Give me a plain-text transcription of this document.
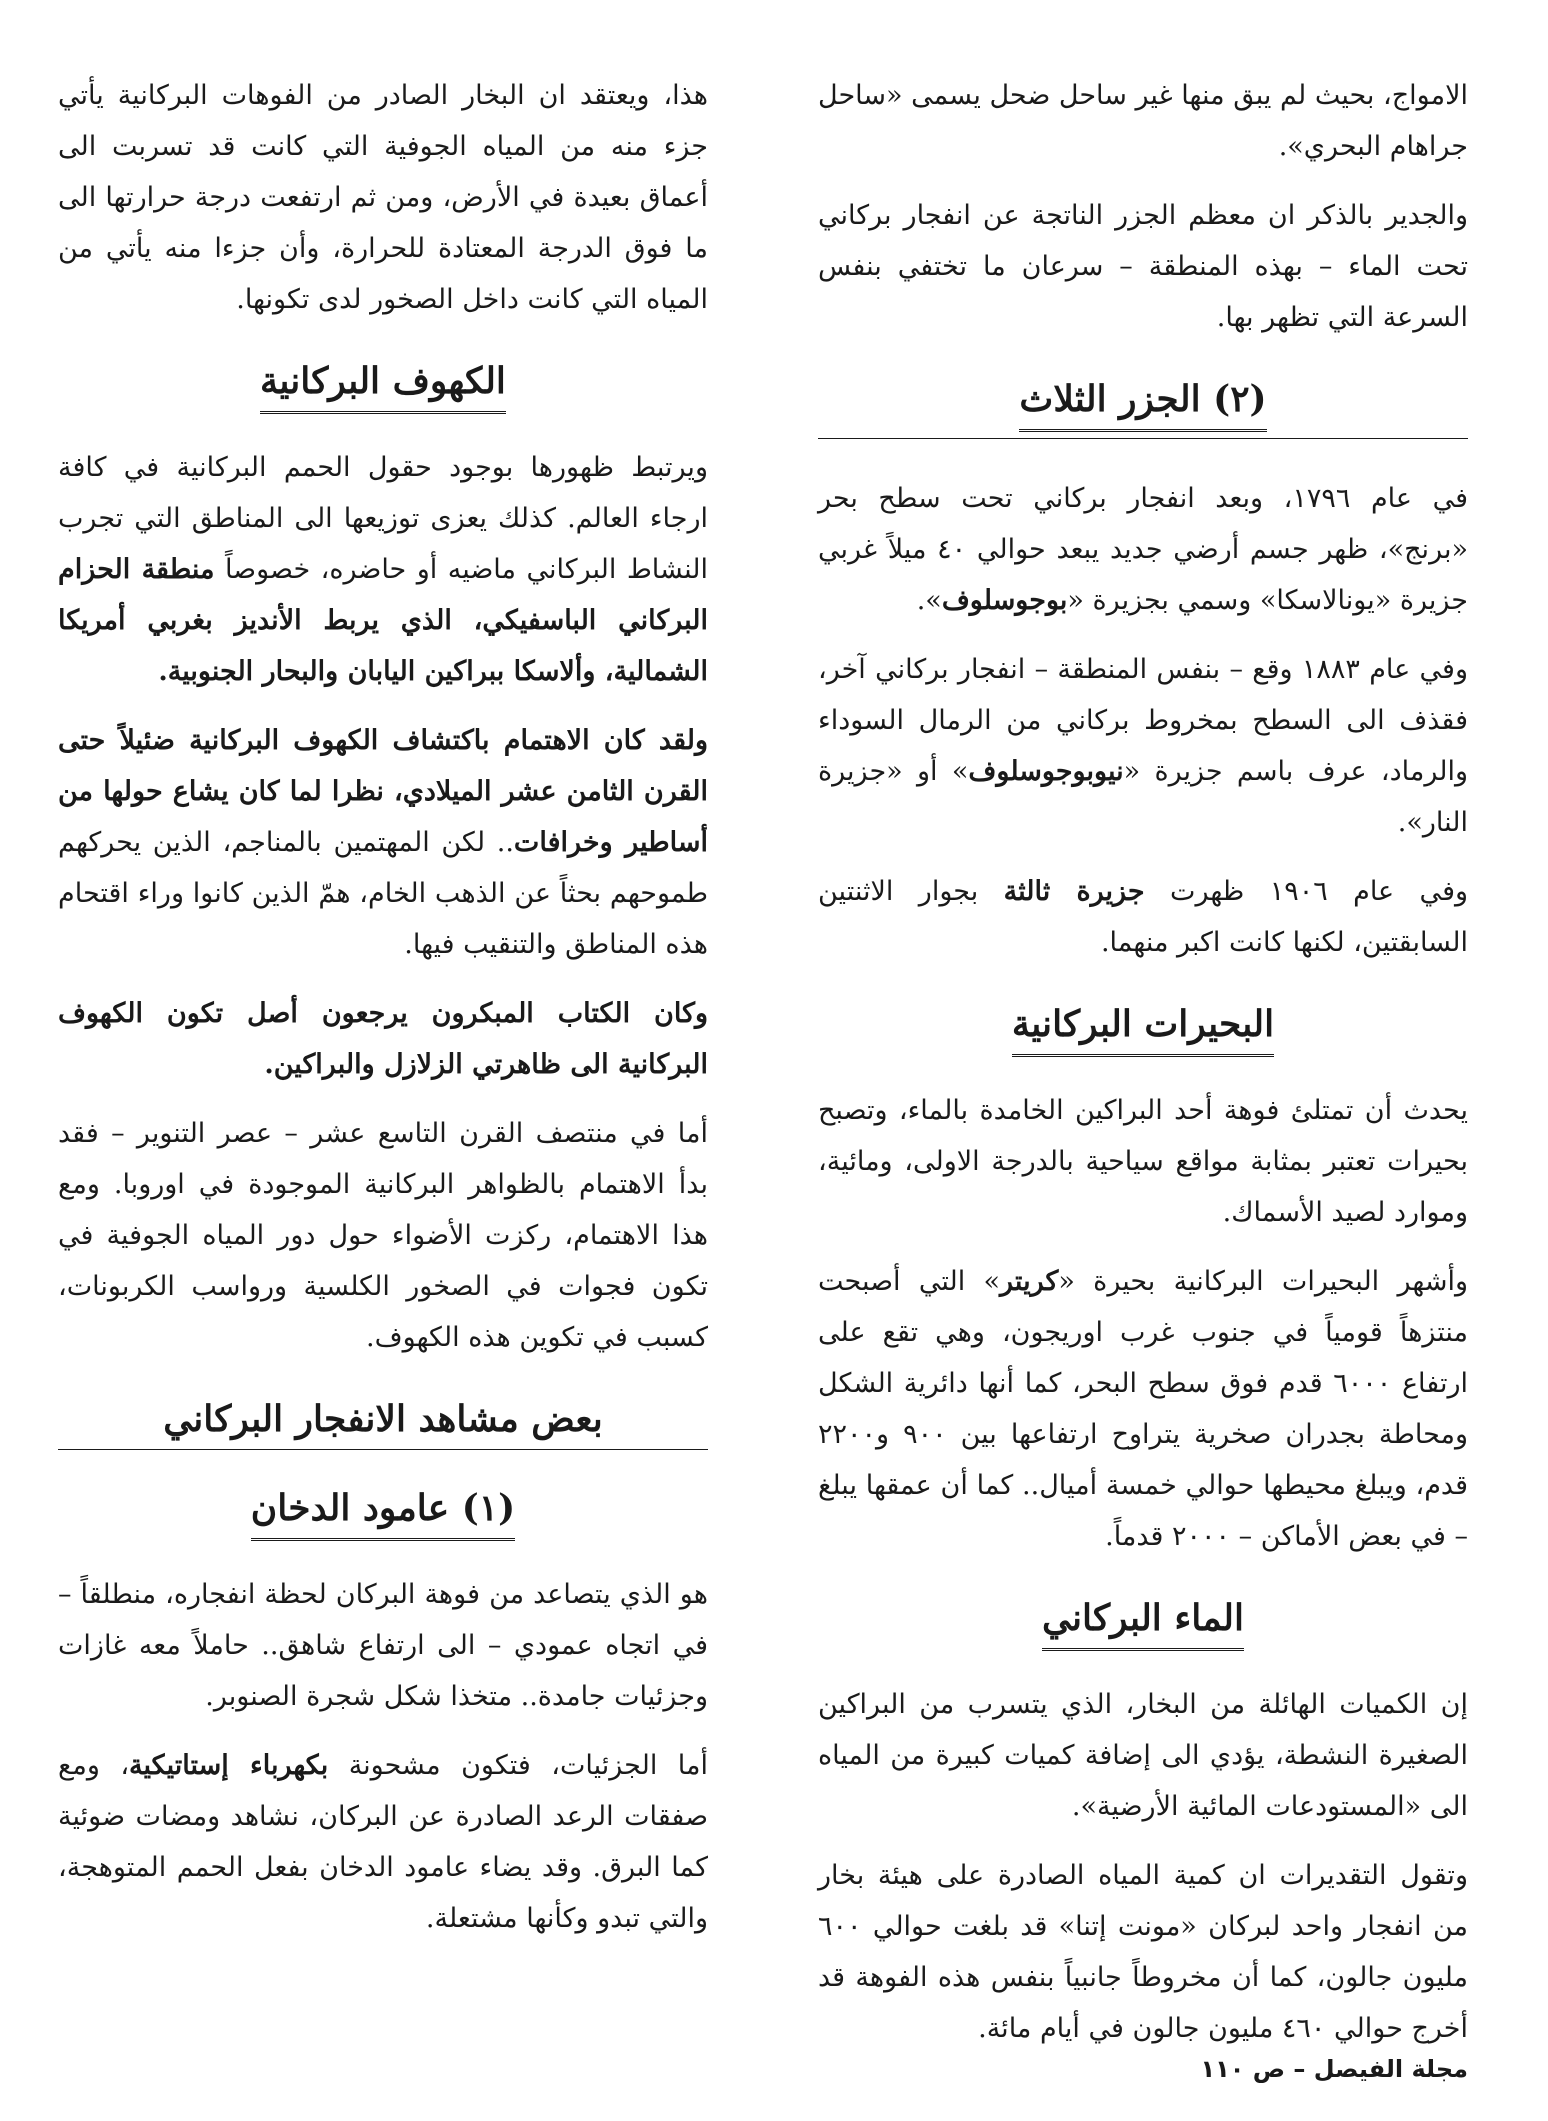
الامواج، بحيث لم يبق منها غير ساحل ضحل يسمى «ساحل جراهام البحري».

والجدير بالذكر ان معظم الجزر الناتجة عن انفجار بركاني تحت الماء – بهذه المنطقة – سرعان ما تختفي بنفس السرعة التي تظهر بها.

(٢) الجزر الثلاث

في عام ١٧٩٦، وبعد انفجار بركاني تحت سطح بحر «برنج»، ظهر جسم أرضي جديد يبعد حوالي ٤٠ ميلاً غربي جزيرة «يونالاسكا» وسمي بجزيرة «بوجوسلوف».

وفي عام ١٨٨٣ وقع – بنفس المنطقة – انفجار بركاني آخر، فقذف الى السطح بمخروط بركاني من الرمال السوداء والرماد، عرف باسم جزيرة «نيوبوجوسلوف» أو «جزيرة النار».

وفي عام ١٩٠٦ ظهرت جزيرة ثالثة بجوار الاثنتين السابقتين، لكنها كانت اكبر منهما.

البحيرات البركانية

يحدث أن تمتلئ فوهة أحد البراكين الخامدة بالماء، وتصبح بحيرات تعتبر بمثابة مواقع سياحية بالدرجة الاولى، ومائية، وموارد لصيد الأسماك.

وأشهر البحيرات البركانية بحيرة «كريتر» التي أصبحت منتزهاً قومياً في جنوب غرب اوريجون، وهي تقع على ارتفاع ٦٠٠٠ قدم فوق سطح البحر، كما أنها دائرية الشكل ومحاطة بجدران صخرية يتراوح ارتفاعها بين ٩٠٠ و٢٢٠٠ قدم، ويبلغ محيطها حوالي خمسة أميال.. كما أن عمقها يبلغ – في بعض الأماكن – ٢٠٠٠ قدماً.

الماء البركاني

إن الكميات الهائلة من البخار، الذي يتسرب من البراكين الصغيرة النشطة، يؤدي الى إضافة كميات كبيرة من المياه الى «المستودعات المائية الأرضية».

وتقول التقديرات ان كمية المياه الصادرة على هيئة بخار من انفجار واحد لبركان «مونت إتنا» قد بلغت حوالي ٦٠٠ مليون جالون، كما أن مخروطاً جانبياً بنفس هذه الفوهة قد أخرج حوالي ٤٦٠ مليون جالون في أيام مائة.

هذا، ويعتقد ان البخار الصادر من الفوهات البركانية يأتي جزء منه من المياه الجوفية التي كانت قد تسربت الى أعماق بعيدة في الأرض، ومن ثم ارتفعت درجة حرارتها الى ما فوق الدرجة المعتادة للحرارة، وأن جزءا منه يأتي من المياه التي كانت داخل الصخور لدى تكونها.

الكهوف البركانية

ويرتبط ظهورها بوجود حقول الحمم البركانية في كافة ارجاء العالم. كذلك يعزى توزيعها الى المناطق التي تجرب النشاط البركاني ماضيه أو حاضره، خصوصاً منطقة الحزام البركاني الباسفيكي، الذي يربط الأنديز بغربي أمريكا الشمالية، وألاسكا ببراكين اليابان والبحار الجنوبية.

ولقد كان الاهتمام باكتشاف الكهوف البركانية ضئيلاً حتى القرن الثامن عشر الميلادي، نظرا لما كان يشاع حولها من أساطير وخرافات.. لكن المهتمين بالمناجم، الذين يحركهم طموحهم بحثاً عن الذهب الخام، همّ الذين كانوا وراء اقتحام هذه المناطق والتنقيب فيها.

وكان الكتاب المبكرون يرجعون أصل تكون الكهوف البركانية الى ظاهرتي الزلازل والبراكين.

أما في منتصف القرن التاسع عشر – عصر التنوير – فقد بدأ الاهتمام بالظواهر البركانية الموجودة في اوروبا. ومع هذا الاهتمام، ركزت الأضواء حول دور المياه الجوفية في تكون فجوات في الصخور الكلسية ورواسب الكربونات، كسبب في تكوين هذه الكهوف.

بعض مشاهد الانفجار البركاني
(١) عامود الدخان

هو الذي يتصاعد من فوهة البركان لحظة انفجاره، منطلقاً – في اتجاه عمودي – الى ارتفاع شاهق.. حاملاً معه غازات وجزئيات جامدة.. متخذا شكل شجرة الصنوبر.

أما الجزئيات، فتكون مشحونة بكهرباء إستاتيكية، ومع صفقات الرعد الصادرة عن البركان، نشاهد ومضات ضوئية كما البرق. وقد يضاء عامود الدخان بفعل الحمم المتوهجة، والتي تبدو وكأنها مشتعلة.

مجلة الفيصل – ص ١١٠
